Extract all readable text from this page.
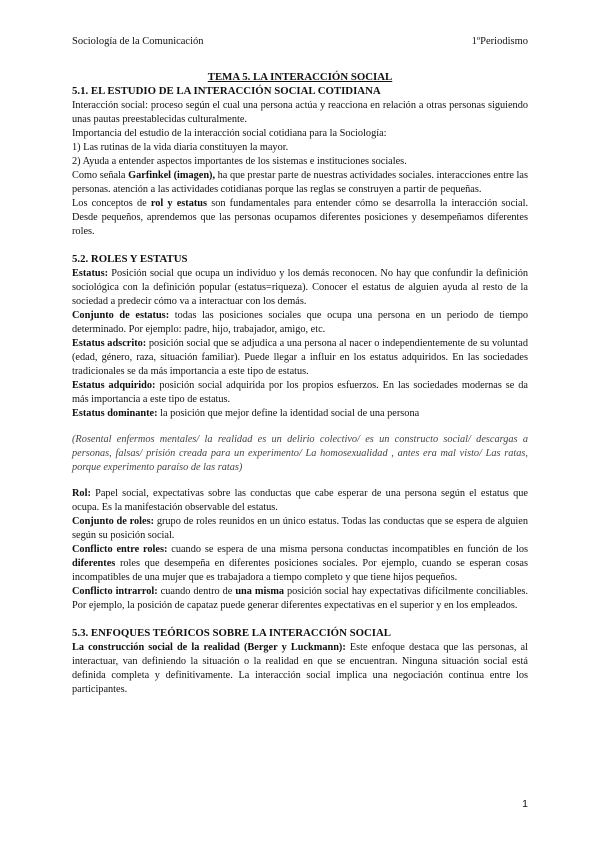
Sociología de la Comunicación	1ºPeriodismo

TEMA 5. LA INTERACCIÓN SOCIAL

5.1. EL ESTUDIO DE LA INTERACCIÓN SOCIAL COTIDIANA

Interacción social: proceso según el cual una persona actúa y reacciona en relación a otras personas siguiendo unas pautas preestablecidas culturalmente.

Importancia del estudio de la interacción social cotidiana para la Sociología:

1) Las rutinas de la vida diaria constituyen la mayor.

2) Ayuda a entender aspectos importantes de los sistemas e instituciones sociales.

Como señala Garfinkel (imagen), ha que prestar parte de nuestras actividades sociales. interacciones entre las personas. atención a las actividades cotidianas porque las reglas se construyen a partir de pequeñas.

Los conceptos de rol y estatus son fundamentales para entender cómo se desarrolla la interacción social. Desde pequeños, aprendemos que las personas ocupamos diferentes posiciones y desempeñamos diferentes roles.

5.2. ROLES Y ESTATUS

Estatus: Posición social que ocupa un individuo y los demás reconocen. No hay que confundir la definición sociológica con la definición popular (estatus=riqueza). Conocer el estatus de alguien ayuda al resto de la sociedad a predecir cómo va a interactuar con los demás.

Conjunto de estatus: todas las posiciones sociales que ocupa una persona en un periodo de tiempo determinado. Por ejemplo: padre, hijo, trabajador, amigo, etc.

Estatus adscrito: posición social que se adjudica a una persona al nacer o independientemente de su voluntad (edad, género, raza, situación familiar). Puede llegar a influir en los estatus adquiridos. En las sociedades tradicionales se da más importancia a este tipo de estatus.

Estatus adquirido: posición social adquirida por los propios esfuerzos. En las sociedades modernas se da más importancia a este tipo de estatus.

Estatus dominante: la posición que mejor define la identidad social de una persona

(Rosental enfermos mentales/ la realidad es un delirio colectivo/ es un constructo social/ descargas a personas, falsas/ prisión creada para un experimento/ La homosexualidad , antes era mal visto/ Las ratas, porque experimento paraíso de las ratas)

Rol: Papel social, expectativas sobre las conductas que cabe esperar de una persona según el estatus que ocupa. Es la manifestación observable del estatus.

Conjunto de roles: grupo de roles reunidos en un único estatus. Todas las conductas que se espera de alguien según su posición social.

Conflicto entre roles: cuando se espera de una misma persona conductas incompatibles en función de los diferentes roles que desempeña en diferentes posiciones sociales. Por ejemplo, cuando se esperan cosas incompatibles de una mujer que es trabajadora a tiempo completo y que tiene hijos pequeños.

Conflicto intrarrol: cuando dentro de una misma posición social hay expectativas difícilmente conciliables. Por ejemplo, la posición de capataz puede generar diferentes expectativas en el superior y en los empleados.

5.3. ENFOQUES TEÓRICOS SOBRE LA INTERACCIÓN SOCIAL

La construcción social de la realidad (Berger y Luckmann): Este enfoque destaca que las personas, al interactuar, van definiendo la situación o la realidad en que se encuentran. Ninguna situación social está definida completa y definitivamente. La interacción social implica una negociación continua entre los participantes.

1
